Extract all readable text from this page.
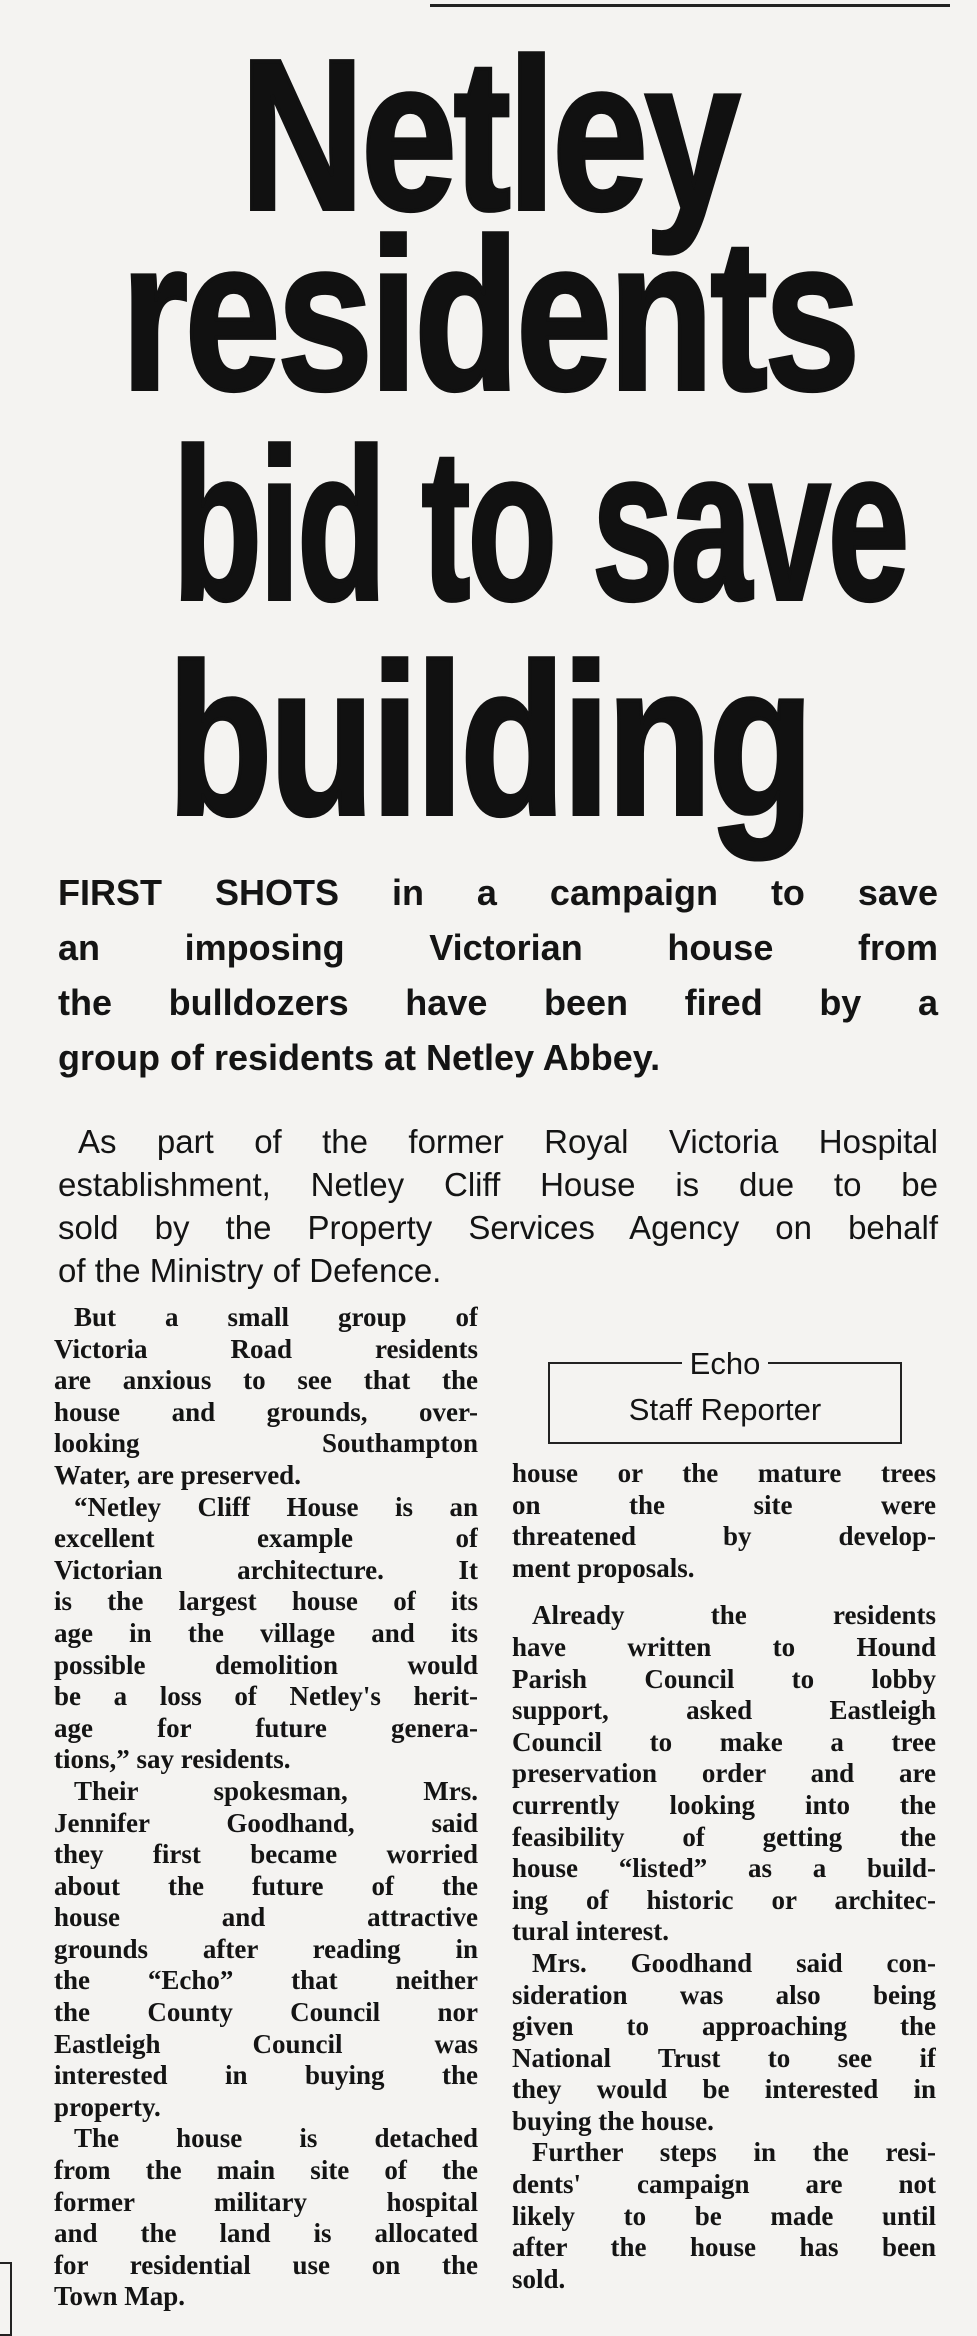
Netley
residents
bid to save
building
FIRST SHOTS in a campaign to save
an imposing Victorian house from
the bulldozers have been fired by a
group of residents at Netley Abbey.
As part of the former Royal Victoria Hospital
establishment, Netley Cliff House is due to be
sold by the Property Services Agency on behalf
of the Ministry of Defence.
Echo
Staff Reporter
But a small group of
Victoria Road residents
are anxious to see that the
house and grounds, over-
looking Southampton
Water, are preserved.
“Netley Cliff House is an
excellent example of
Victorian architecture. It
is the largest house of its
age in the village and its
possible demolition would
be a loss of Netley's herit-
age for future genera-
tions,” say residents.
Their spokesman, Mrs.
Jennifer Goodhand, said
they first became worried
about the future of the
house and attractive
grounds after reading in
the “Echo” that neither
the County Council nor
Eastleigh Council was
interested in buying the
property.
The house is detached
from the main site of the
former military hospital
and the land is allocated
for residential use on the
Town Map.
house or the mature trees
on the site were
threatened by develop-
ment proposals.
Already the residents
have written to Hound
Parish Council to lobby
support, asked Eastleigh
Council to make a tree
preservation order and are
currently looking into the
feasibility of getting the
house “listed” as a build-
ing of historic or architec-
tural interest.
Mrs. Goodhand said con-
sideration was also being
given to approaching the
National Trust to see if
they would be interested in
buying the house.
Further steps in the resi-
dents' campaign are not
likely to be made until
after the house has been
sold.
